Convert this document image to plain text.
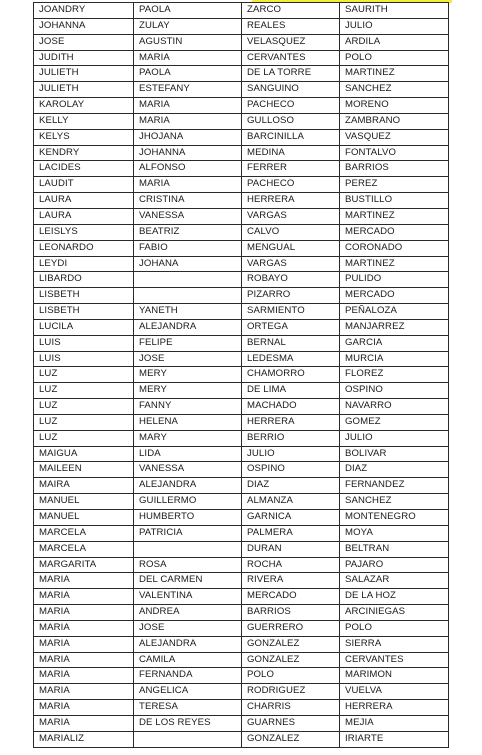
JOANDRY	PAOLA	ZARCO	SAURITH
JOHANNA	ZULAY	REALES	JULIO
JOSE	AGUSTIN	VELASQUEZ	ARDILA
JUDITH	MARIA	CERVANTES	POLO
JULIETH	PAOLA	DE LA TORRE	MARTINEZ
JULIETH	ESTEFANY	SANGUINO	SANCHEZ
KAROLAY	MARIA	PACHECO	MORENO
KELLY	MARIA	GULLOSO	ZAMBRANO
KELYS	JHOJANA	BARCINILLA	VASQUEZ
KENDRY	JOHANNA	MEDINA	FONTALVO
LACIDES	ALFONSO	FERRER	BARRIOS
LAUDIT	MARIA	PACHECO	PEREZ
LAURA	CRISTINA	HERRERA	BUSTILLO
LAURA	VANESSA	VARGAS	MARTINEZ
LEISLYS	BEATRIZ	CALVO	MERCADO
LEONARDO	FABIO	MENGUAL	CORONADO
LEYDI	JOHANA	VARGAS	MARTINEZ
LIBARDO		ROBAYO	PULIDO
LISBETH		PIZARRO	MERCADO
LISBETH	YANETH	SARMIENTO	PEÑALOZA
LUCILA	ALEJANDRA	ORTEGA	MANJARREZ
LUIS	FELIPE	BERNAL	GARCIA
LUIS	JOSE	LEDESMA	MURCIA
LUZ	MERY	CHAMORRO	FLOREZ
LUZ	MERY	DE LIMA	OSPINO
LUZ	FANNY	MACHADO	NAVARRO
LUZ	HELENA	HERRERA	GOMEZ
LUZ	MARY	BERRIO	JULIO
MAIGUA	LIDA	JULIO	BOLIVAR
MAILEEN	VANESSA	OSPINO	DIAZ
MAIRA	ALEJANDRA	DIAZ	FERNANDEZ
MANUEL	GUILLERMO	ALMANZA	SANCHEZ
MANUEL	HUMBERTO	GARNICA	MONTENEGRO
MARCELA	PATRICIA	PALMERA	MOYA
MARCELA		DURAN	BELTRAN
MARGARITA	ROSA	ROCHA	PAJARO
MARIA	DEL CARMEN	RIVERA	SALAZAR
MARIA	VALENTINA	MERCADO	DE LA HOZ
MARIA	ANDREA	BARRIOS	ARCINIEGAS
MARIA	JOSE	GUERRERO	POLO
MARIA	ALEJANDRA	GONZALEZ	SIERRA
MARIA	CAMILA	GONZALEZ	CERVANTES
MARIA	FERNANDA	POLO	MARIMON
MARIA	ANGELICA	RODRIGUEZ	VUELVA
MARIA	TERESA	CHARRIS	HERRERA
MARIA	DE LOS REYES	GUARNES	MEJIA
MARIALIZ		GONZALEZ	IRIARTE
